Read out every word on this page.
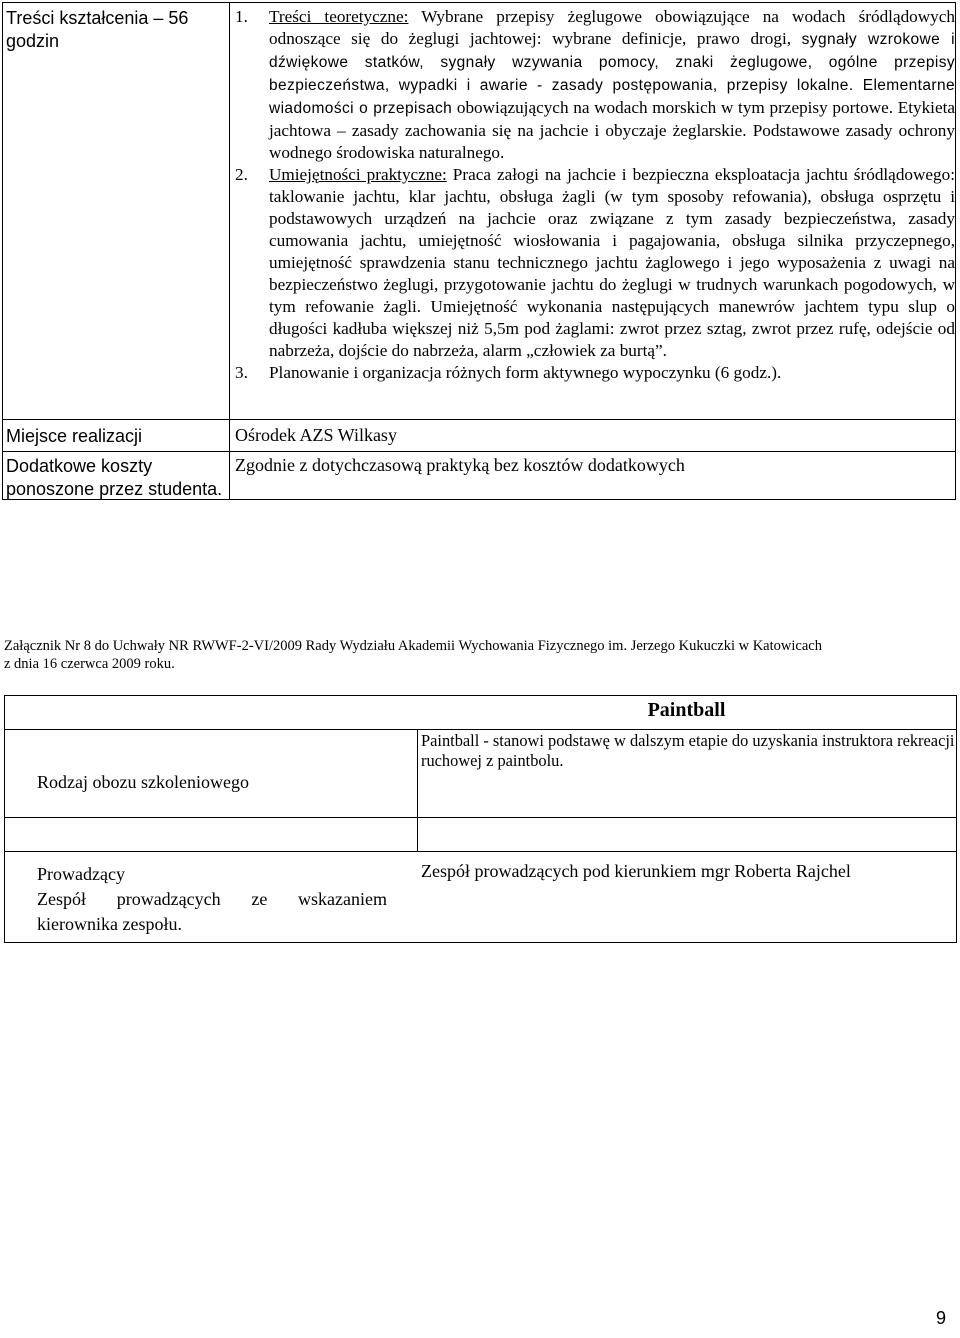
Treści kształcenia – 56 godzin
1. Treści teoretyczne: Wybrane przepisy żeglugowe obowiązujące na wodach śródlądowych odnoszące się do żeglugi jachtowej: wybrane definicje, prawo drogi, sygnały wzrokowe i dźwiękowe statków, sygnały wzywania pomocy, znaki żeglugowe, ogólne przepisy bezpieczeństwa, wypadki i awarie - zasady postępowania, przepisy lokalne. Elementarne wiadomości o przepisach obowiązujących na wodach morskich w tym przepisy portowe. Etykieta jachtowa – zasady zachowania się na jachcie i obyczaje żeglarskie. Podstawowe zasady ochrony wodnego środowiska naturalnego.
2. Umiejętności praktyczne: Praca załogi na jachcie i bezpieczna eksploatacja jachtu śródlądowego: taklowanie jachtu, klar jachtu, obsługa żagli (w tym sposoby refowania), obsługa osprzętu i podstawowych urządzeń na jachcie oraz związane z tym zasady bezpieczeństwa, zasady cumowania jachtu, umiejętność wiosłowania i pagajowania, obsługa silnika przyczepnego, umiejętność sprawdzenia stanu technicznego jachtu żaglowego i jego wyposażenia z uwagi na bezpieczeństwo żeglugi, przygotowanie jachtu do żeglugi w trudnych warunkach pogodowych, w tym refowanie żagli. Umiejętność wykonania następujących manewrów jachtem typu slup o długości kadłuba większej niż 5,5m pod żaglami: zwrot przez sztag, zwrot przez rufę, odejście od nabrzeża, dojście do nabrzeża, alarm „człowiek za burtą”.
3. Planowanie i organizacja różnych form aktywnego wypoczynku (6 godz.).
Miejsce realizacji	Ośrodek AZS Wilkasy
Dodatkowe koszty ponoszone przez studenta.
Zgodnie z dotychczasową praktyką bez kosztów dodatkowych
Załącznik Nr 8 do Uchwały NR RWWF-2-VI/2009 Rady Wydziału Akademii Wychowania Fizycznego im. Jerzego Kukuczki w Katowicach
z dnia 16 czerwca 2009 roku.
Paintball
Rodzaj obozu szkoleniowego
Paintball - stanowi podstawę w dalszym etapie do uzyskania instruktora rekreacji ruchowej z paintbolu.
Prowadzący
Zespół prowadzących ze wskazaniem kierownika zespołu.
Zespół prowadzących pod kierunkiem mgr Roberta Rajchel
9
